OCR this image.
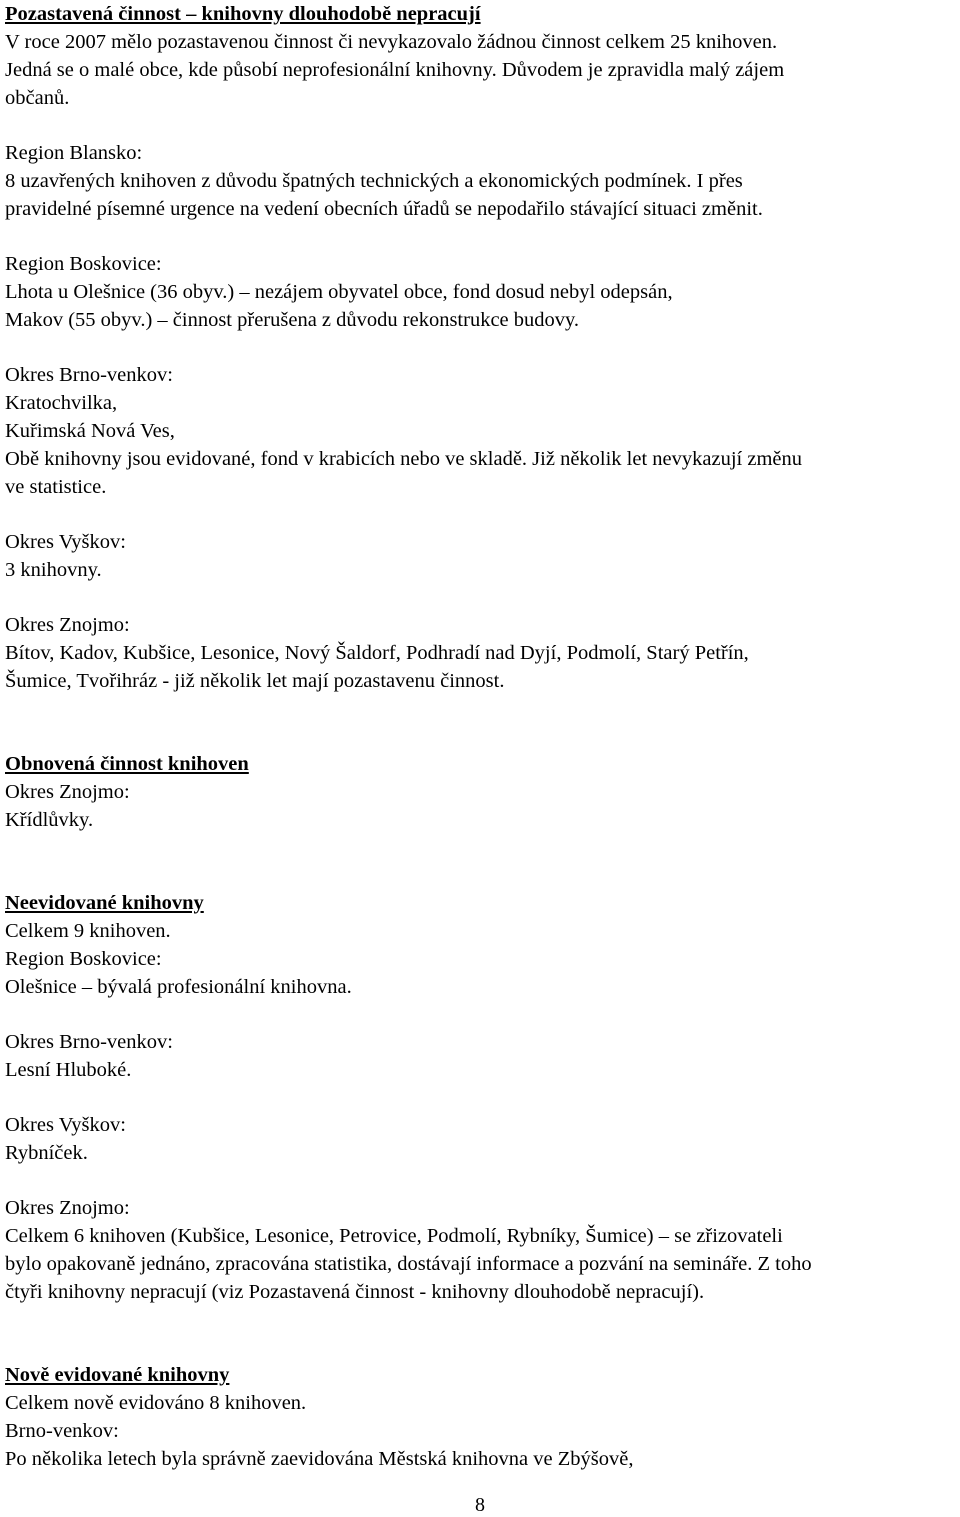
Pozastavená činnost – knihovny dlouhodobě nepracují

V roce 2007 mělo pozastavenou činnost či nevykazovalo žádnou činnost celkem 25 knihoven.

Jedná se o malé obce, kde působí neprofesionální knihovny. Důvodem je zpravidla malý zájem

občanů.

Region Blansko:

8 uzavřených knihoven z důvodu špatných technických a ekonomických podmínek. I přes

pravidelné písemné urgence na vedení obecních úřadů se nepodařilo stávající situaci změnit.

Region Boskovice:

Lhota u Olešnice (36 obyv.) – nezájem obyvatel obce, fond dosud nebyl odepsán,

Makov (55 obyv.) – činnost přerušena z důvodu rekonstrukce budovy.

Okres Brno-venkov:

Kratochvilka,

Kuřimská Nová Ves,

Obě knihovny jsou evidované, fond v krabicích nebo ve skladě. Již několik let nevykazují změnu

ve statistice.

Okres Vyškov:

3 knihovny.

Okres Znojmo:

Bítov, Kadov, Kubšice, Lesonice, Nový Šaldorf, Podhradí nad Dyjí, Podmolí, Starý Petřín,

Šumice, Tvořihráz - již několik let mají pozastavenu činnost.

Obnovená činnost knihoven

Okres Znojmo:

Křídlůvky.

Neevidované knihovny

Celkem 9 knihoven.

Region Boskovice:

Olešnice – bývalá profesionální knihovna.

Okres Brno-venkov:

Lesní Hluboké.

Okres Vyškov:

Rybníček.

Okres Znojmo:

Celkem 6 knihoven (Kubšice, Lesonice, Petrovice, Podmolí, Rybníky, Šumice) – se zřizovateli

bylo opakovaně jednáno, zpracována statistika, dostávají informace a pozvání na semináře. Z toho

čtyři knihovny nepracují (viz Pozastavená činnost - knihovny dlouhodobě nepracují).

Nově evidované knihovny

Celkem nově evidováno 8 knihoven.

Brno-venkov:

Po několika letech byla správně zaevidována Městská knihovna ve Zbýšově,

8
